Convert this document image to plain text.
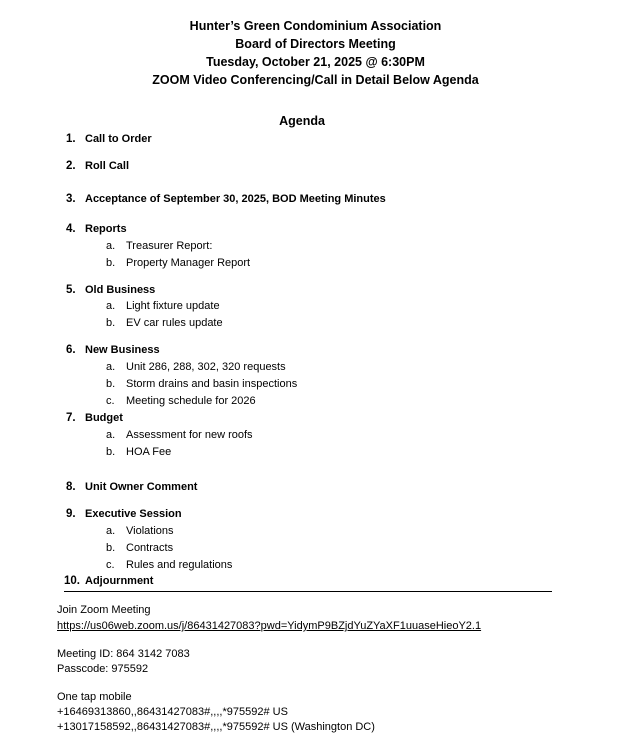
Hunter’s Green Condominium Association
Board of Directors Meeting
Tuesday, October 21, 2025 @ 6:30PM
ZOOM Video Conferencing/Call in Detail Below Agenda
Agenda
1. Call to Order
2. Roll Call
3. Acceptance of September 30, 2025, BOD Meeting Minutes
4. Reports
a. Treasurer Report:
b. Property Manager Report
5. Old Business
a. Light fixture update
b. EV car rules update
6. New Business
a. Unit 286, 288, 302, 320 requests
b. Storm drains and basin inspections
c. Meeting schedule for 2026
7. Budget
a. Assessment for new roofs
b. HOA Fee
8. Unit Owner Comment
9. Executive Session
a. Violations
b. Contracts
c. Rules and regulations
10. Adjournment
Join Zoom Meeting
https://us06web.zoom.us/j/86431427083?pwd=YidymP9BZjdYuZYaXF1uuaseHieoY2.1
Meeting ID: 864 3142 7083
Passcode: 975592
One tap mobile
+16469313860,,86431427083#,,,,*975592# US
+13017158592,,86431427083#,,,,*975592# US (Washington DC)
